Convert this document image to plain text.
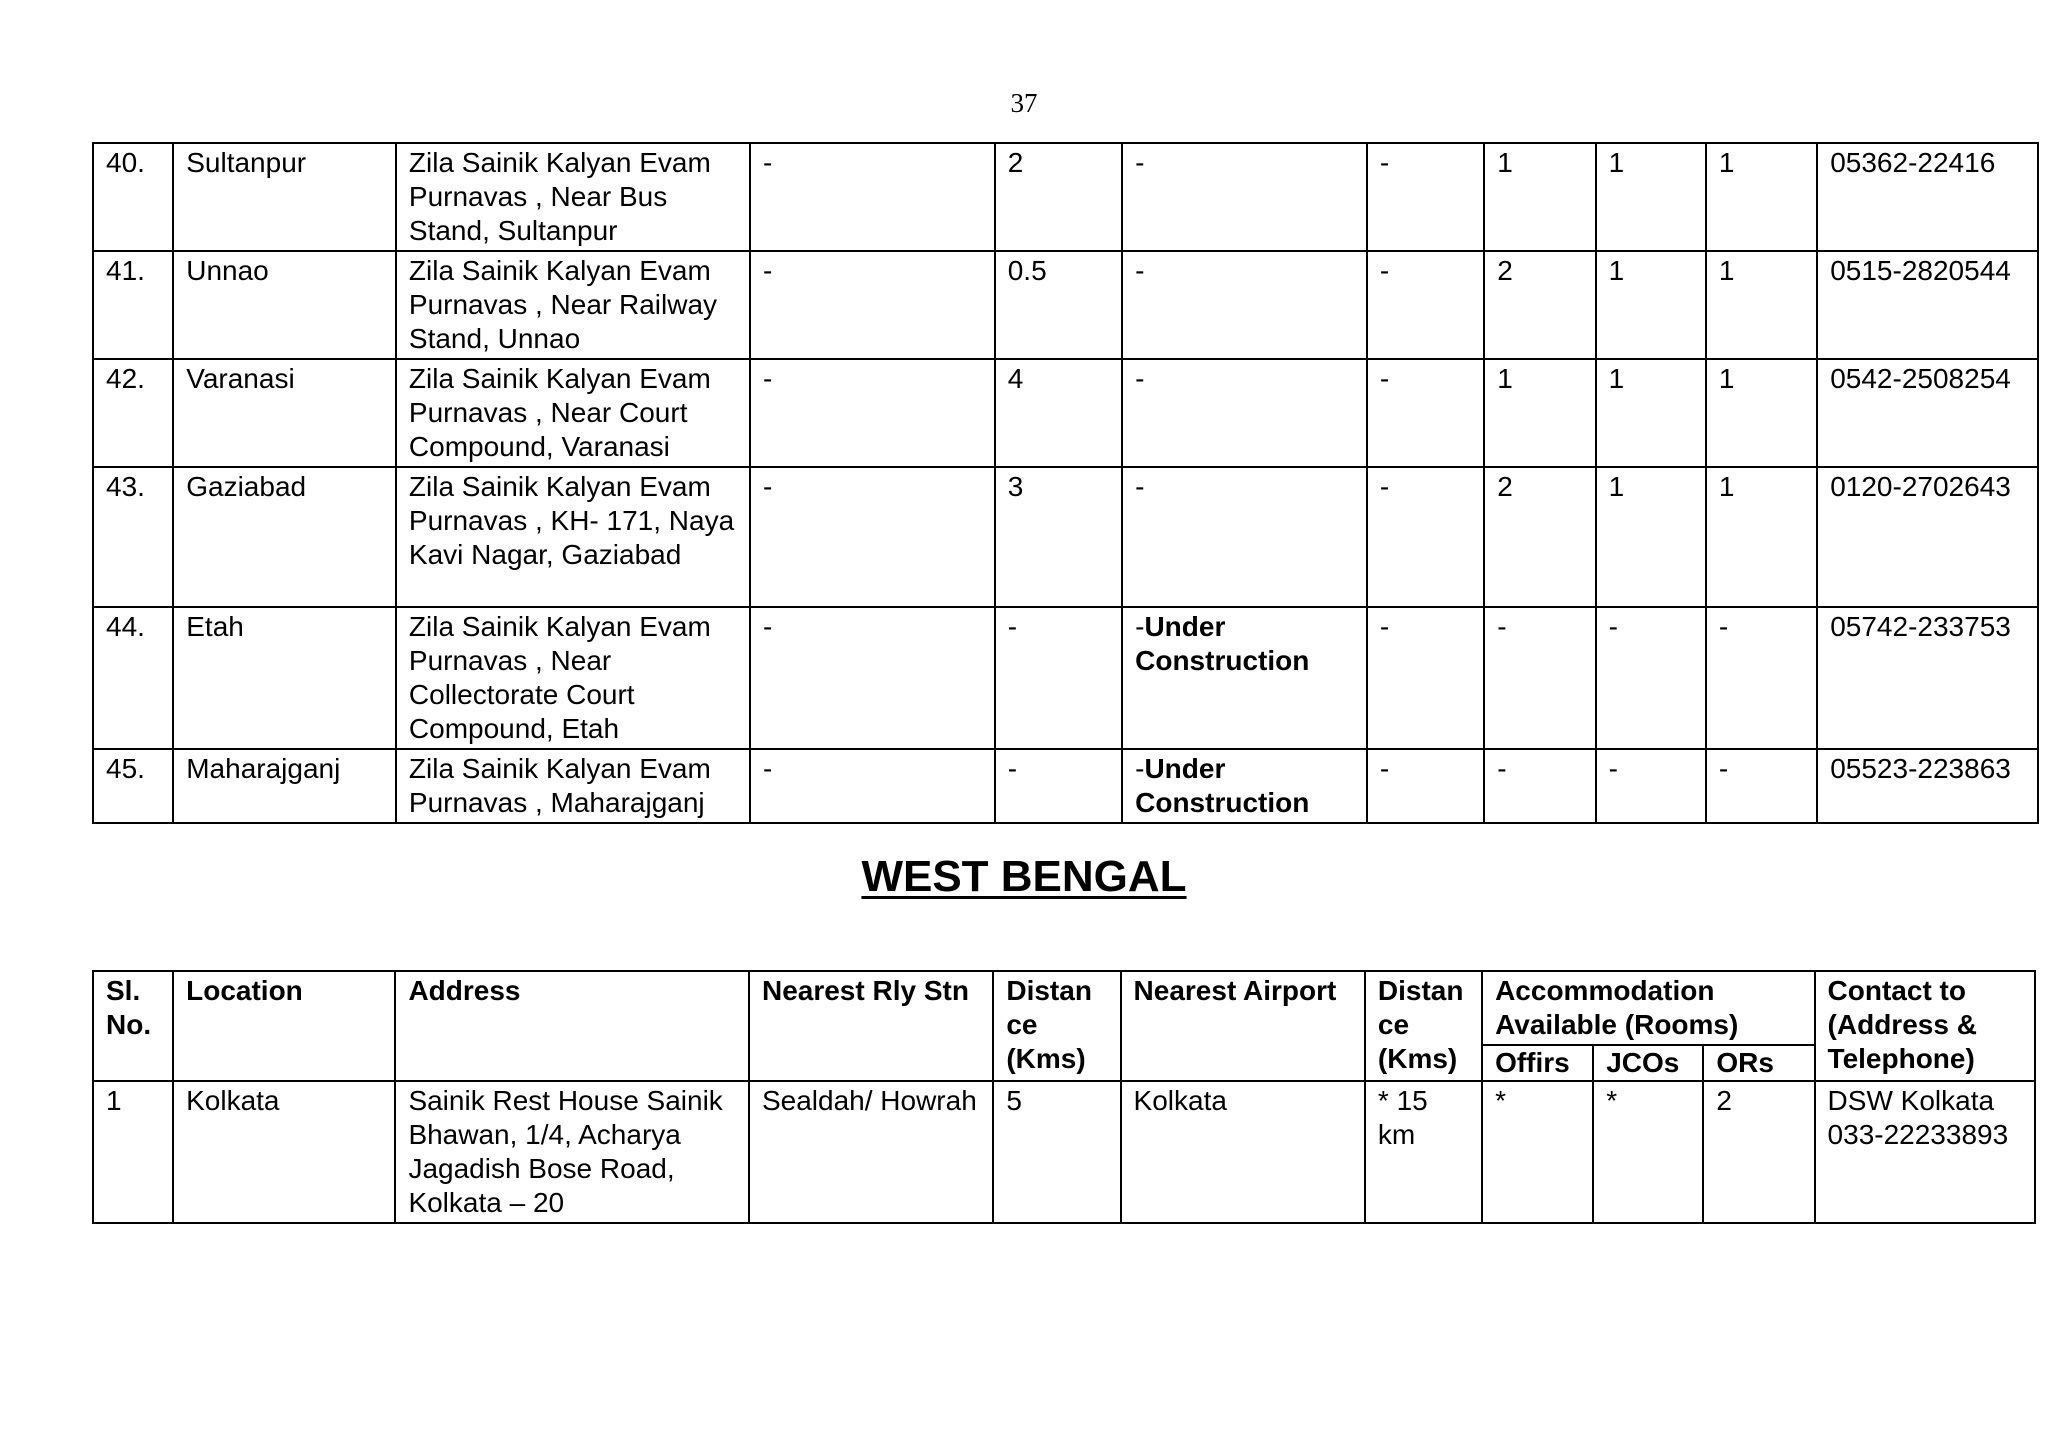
37
40.	Sultanpur	Zila Sainik Kalyan Evam Purnavas , Near Bus Stand, Sultanpur	-	2	-	-	1	1	1	05362-22416
41.	Unnao	Zila Sainik Kalyan Evam Purnavas , Near Railway Stand, Unnao	-	0.5	-	-	2	1	1	0515-2820544
42.	Varanasi	Zila Sainik Kalyan Evam Purnavas , Near Court Compound, Varanasi	-	4	-	-	1	1	1	0542-2508254
43.	Gaziabad	Zila Sainik Kalyan Evam Purnavas , KH- 171, Naya Kavi Nagar, Gaziabad	-	3	-	-	2	1	1	0120-2702643
44.	Etah	Zila Sainik Kalyan Evam Purnavas , Near Collectorate Court Compound, Etah	-	-	-Under Construction	-	-	-	-	05742-233753
45.	Maharajganj	Zila Sainik Kalyan Evam Purnavas , Maharajganj	-	-	-Under Construction	-	-	-	-	05523-223863
WEST BENGAL
Sl. No.	Location	Address	Nearest Rly Stn	Distan ce (Kms)	Nearest Airport	Distan ce (Kms)	Accommodation Available (Rooms)			Contact to (Address & Telephone)
							Offirs	JCOs	ORs	
1	Kolkata	Sainik Rest House Sainik Bhawan, 1/4, Acharya Jagadish Bose Road, Kolkata – 20	Sealdah/ Howrah	5	Kolkata	* 15 km	*	*	2	DSW Kolkata 033-22233893
